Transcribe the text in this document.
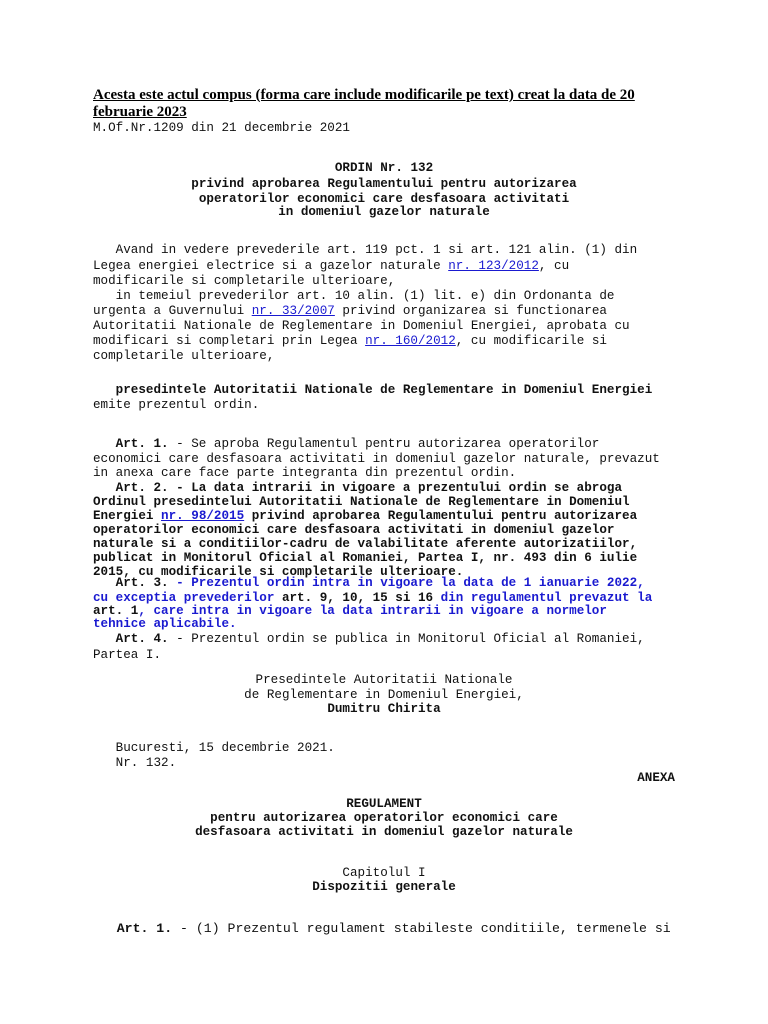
Acesta este actul compus (forma care include modificarile pe text) creat la data de 20 februarie 2023
M.Of.Nr.1209 din 21 decembrie 2021
ORDIN Nr. 132
privind aprobarea Regulamentului pentru autorizarea
operatorilor economici care desfasoara activitati
in domeniul gazelor naturale
Avand in vedere prevederile art. 119 pct. 1 si art. 121 alin. (1) din
Legea energiei electrice si a gazelor naturale nr. 123/2012, cu
modificarile si completarile ulterioare,
in temeiul prevederilor art. 10 alin. (1) lit. e) din Ordonanta de
urgenta a Guvernului nr. 33/2007 privind organizarea si functionarea
Autoritatii Nationale de Reglementare in Domeniul Energiei, aprobata cu
modificari si completari prin Legea nr. 160/2012, cu modificarile si
completarile ulterioare,
presedintele Autoritatii Nationale de Reglementare in Domeniul Energiei
emite prezentul ordin.
Art. 1. - Se aproba Regulamentul pentru autorizarea operatorilor
economici care desfasoara activitati in domeniul gazelor naturale, prevazut
in anexa care face parte integranta din prezentul ordin.
Art. 2. - La data intrarii in vigoare a prezentului ordin se abroga
Ordinul presedintelui Autoritatii Nationale de Reglementare in Domeniul
Energiei nr. 98/2015 privind aprobarea Regulamentului pentru autorizarea
operatorilor economici care desfasoara activitati in domeniul gazelor
naturale si a conditiilor-cadru de valabilitate aferente autorizatiilor,
publicat in Monitorul Oficial al Romaniei, Partea I, nr. 493 din 6 iulie
2015, cu modificarile si completarile ulterioare.
Art. 3. - Prezentul ordin intra in vigoare la data de 1 ianuarie 2022,
cu exceptia prevederilor art. 9, 10, 15 si 16 din regulamentul prevazut la
art. 1, care intra in vigoare la data intrarii in vigoare a normelor
tehnice aplicabile.
Art. 4. - Prezentul ordin se publica in Monitorul Oficial al Romaniei,
Partea I.
Presedintele Autoritatii Nationale
de Reglementare in Domeniul Energiei,
Dumitru Chirita
Bucuresti, 15 decembrie 2021.
Nr. 132.
ANEXA
REGULAMENT
pentru autorizarea operatorilor economici care
desfasoara activitati in domeniul gazelor naturale
Capitolul I
Dispozitii generale
Art. 1. - (1) Prezentul regulament stabileste conditiile, termenele si
